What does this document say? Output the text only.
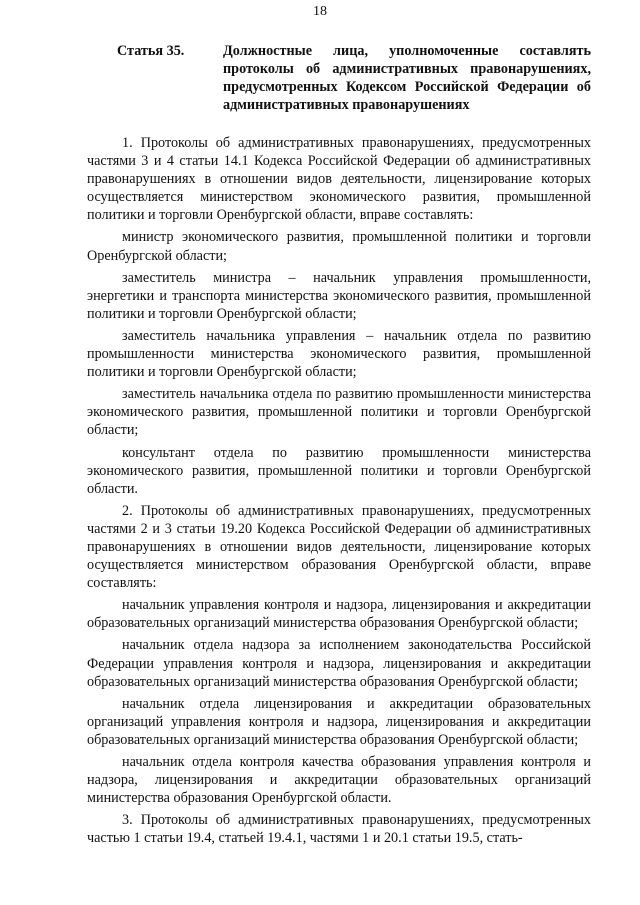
18
Статья 35.	Должностные лица, уполномоченные составлять протоколы об административных правонарушениях, предусмотренных Кодексом Российской Федерации об административных правонарушениях

1. Протоколы об административных правонарушениях, предусмотренных частями 3 и 4 статьи 14.1 Кодекса Российской Федерации об административных правонарушениях в отношении видов деятельности, лицензирование которых осуществляется министерством экономического развития, промышленной политики и торговли Оренбургской области, вправе составлять:

министр экономического развития, промышленной политики и торговли Оренбургской области;

заместитель министра – начальник управления промышленности, энергетики и транспорта министерства экономического развития, промышленной политики и торговли Оренбургской области;

заместитель начальника управления – начальник отдела по развитию промышленности министерства экономического развития, промышленной политики и торговли Оренбургской области;

заместитель начальника отдела по развитию промышленности министерства экономического развития, промышленной политики и торговли Оренбургской области;

консультант отдела по развитию промышленности министерства экономического развития, промышленной политики и торговли Оренбургской области.

2. Протоколы об административных правонарушениях, предусмотренных частями 2 и 3 статьи 19.20 Кодекса Российской Федерации об административных правонарушениях в отношении видов деятельности, лицензирование которых осуществляется министерством образования Оренбургской области, вправе составлять:

начальник управления контроля и надзора, лицензирования и аккредитации образовательных организаций министерства образования Оренбургской области;

начальник отдела надзора за исполнением законодательства Российской Федерации управления контроля и надзора, лицензирования и аккредитации образовательных организаций министерства образования Оренбургской области;

начальник отдела лицензирования и аккредитации образовательных организаций управления контроля и надзора, лицензирования и аккредитации образовательных организаций министерства образования Оренбургской области;

начальник отдела контроля качества образования управления контроля и надзора, лицензирования и аккредитации образовательных организаций министерства образования Оренбургской области.

3. Протоколы об административных правонарушениях, предусмотренных частью 1 статьи 19.4, статьей 19.4.1, частями 1 и 20.1 статьи 19.5, стать-
